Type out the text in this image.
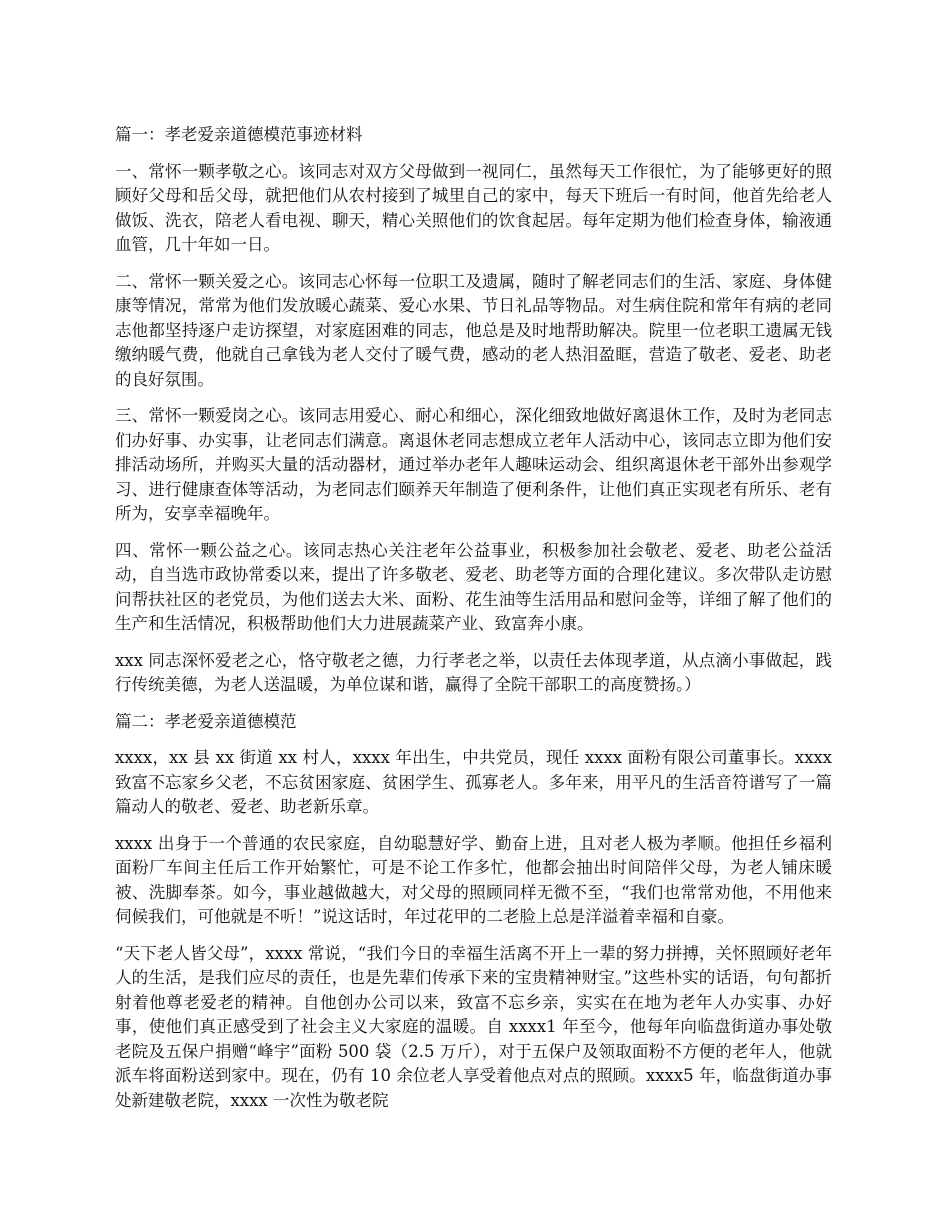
篇一：孝老爱亲道德模范事迹材料

一、常怀一颗孝敬之心。该同志对双方父母做到一视同仁，虽然每天工作很忙，为了能够更好的照顾好父母和岳父母，就把他们从农村接到了城里自己的家中，每天下班后一有时间，他首先给老人做饭、洗衣，陪老人看电视、聊天，精心关照他们的饮食起居。每年定期为他们检查身体，输液通血管，几十年如一日。

二、常怀一颗关爱之心。该同志心怀每一位职工及遗属，随时了解老同志们的生活、家庭、身体健康等情况，常常为他们发放暖心蔬菜、爱心水果、节日礼品等物品。对生病住院和常年有病的老同志他都坚持逐户走访探望，对家庭困难的同志，他总是及时地帮助解决。院里一位老职工遗属无钱缴纳暖气费，他就自己拿钱为老人交付了暖气费，感动的老人热泪盈眶，营造了敬老、爱老、助老的良好氛围。

三、常怀一颗爱岗之心。该同志用爱心、耐心和细心，深化细致地做好离退休工作，及时为老同志们办好事、办实事，让老同志们满意。离退休老同志想成立老年人活动中心，该同志立即为他们安排活动场所，并购买大量的活动器材，通过举办老年人趣味运动会、组织离退休老干部外出参观学习、进行健康查体等活动，为老同志们颐养天年制造了便利条件，让他们真正实现老有所乐、老有所为，安享幸福晚年。

四、常怀一颗公益之心。该同志热心关注老年公益事业，积极参加社会敬老、爱老、助老公益活动，自当选市政协常委以来，提出了许多敬老、爱老、助老等方面的合理化建议。多次带队走访慰问帮扶社区的老党员，为他们送去大米、面粉、花生油等生活用品和慰问金等，详细了解了他们的生产和生活情况，积极帮助他们大力进展蔬菜产业、致富奔小康。

xxx 同志深怀爱老之心，恪守敬老之德，力行孝老之举，以责任去体现孝道，从点滴小事做起，践行传统美德，为老人送温暖，为单位谋和谐，赢得了全院干部职工的高度赞扬。）

篇二：孝老爱亲道德模范

xxxx，xx 县 xx 街道 xx 村人，xxxx 年出生，中共党员，现任 xxxx 面粉有限公司董事长。xxxx 致富不忘家乡父老，不忘贫困家庭、贫困学生、孤寡老人。多年来，用平凡的生活音符谱写了一篇篇动人的敬老、爱老、助老新乐章。

xxxx 出身于一个普通的农民家庭，自幼聪慧好学、勤奋上进，且对老人极为孝顺。他担任乡福利面粉厂车间主任后工作开始繁忙，可是不论工作多忙，他都会抽出时间陪伴父母，为老人铺床暖被、洗脚奉茶。如今，事业越做越大，对父母的照顾同样无微不至，“我们也常常劝他，不用他来伺候我们，可他就是不听！”说这话时，年过花甲的二老脸上总是洋溢着幸福和自豪。

“天下老人皆父母”，xxxx 常说，“我们今日的幸福生活离不开上一辈的努力拼搏，关怀照顾好老年人的生活，是我们应尽的责任，也是先辈们传承下来的宝贵精神财宝。”这些朴实的话语，句句都折射着他尊老爱老的精神。自他创办公司以来，致富不忘乡亲，实实在在地为老年人办实事、办好事，使他们真正感受到了社会主义大家庭的温暖。自 xxxx1 年至今，他每年向临盘街道办事处敬老院及五保户捐赠“峰宇”面粉 500 袋（2.5 万斤），对于五保户及领取面粉不方便的老年人，他就派车将面粉送到家中。现在，仍有 10 余位老人享受着他点对点的照顾。xxxx5 年，临盘街道办事处新建敬老院，xxxx 一次性为敬老院
